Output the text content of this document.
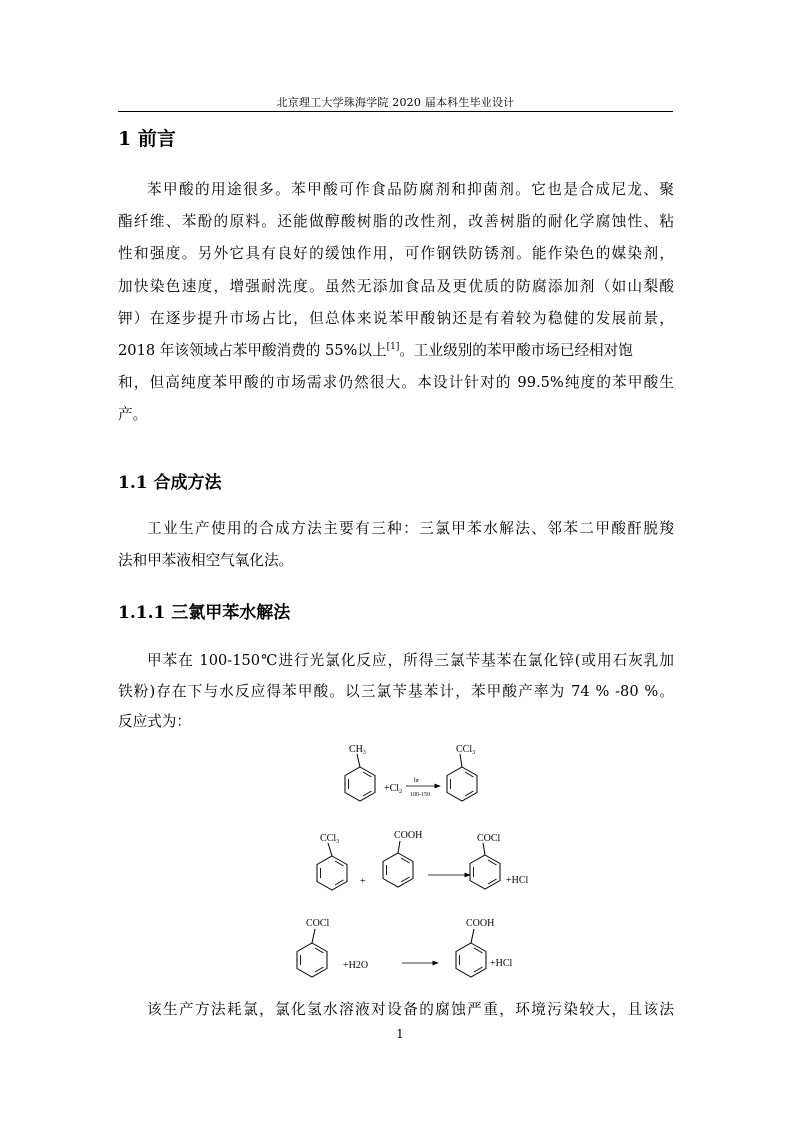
北京理工大学珠海学院 2020 届本科生毕业设计
1 前言
苯甲酸的用途很多。苯甲酸可作食品防腐剂和抑菌剂。它也是合成尼龙、聚
酯纤维、苯酚的原料。还能做醇酸树脂的改性剂，改善树脂的耐化学腐蚀性、粘
性和强度。另外它具有良好的缓蚀作用，可作钢铁防锈剂。能作染色的媒染剂，
加快染色速度，增强耐洗度。虽然无添加食品及更优质的防腐添加剂（如山梨酸
钾）在逐步提升市场占比，但总体来说苯甲酸钠还是有着较为稳健的发展前景，
2018 年该领域占苯甲酸消费的 55%以上[1]。工业级别的苯甲酸市场已经相对饱
和，但高纯度苯甲酸的市场需求仍然很大。本设计针对的 99.5%纯度的苯甲酸生
产。
1.1 合成方法
工业生产使用的合成方法主要有三种：三氯甲苯水解法、邻苯二甲酸酐脱羧
法和甲苯液相空气氧化法。
1.1.1 三氯甲苯水解法
甲苯在 100-150℃进行光氯化反应，所得三氯苄基苯在氯化锌(或用石灰乳加
铁粉)存在下与水反应得苯甲酸。以三氯苄基苯计，苯甲酸产率为 74 % -80 %。
反应式为：
$CH_3$
$+Cl_2$
hr
100-150
CCl$_3$
CCl$_3$
+
COOH	COCl
+HCl
COCl
+H2O
COOH
+HCl
该生产方法耗氯，氯化氢水溶液对设备的腐蚀严重，环境污染较大，且该法
1
